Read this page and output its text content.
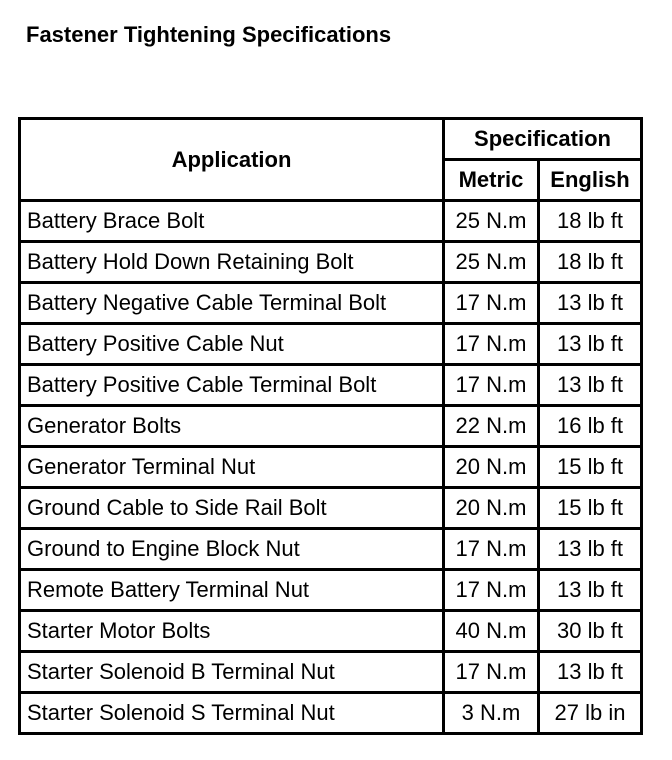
Fastener Tightening Specifications
Application	Specification	
	Metric	English
Battery Brace Bolt	25 N.m	18 lb ft
Battery Hold Down Retaining Bolt	25 N.m	18 lb ft
Battery Negative Cable Terminal Bolt	17 N.m	13 lb ft
Battery Positive Cable Nut	17 N.m	13 lb ft
Battery Positive Cable Terminal Bolt	17 N.m	13 lb ft
Generator Bolts	22 N.m	16 lb ft
Generator Terminal Nut	20 N.m	15 lb ft
Ground Cable to Side Rail Bolt	20 N.m	15 lb ft
Ground to Engine Block Nut	17 N.m	13 lb ft
Remote Battery Terminal Nut	17 N.m	13 lb ft
Starter Motor Bolts	40 N.m	30 lb ft
Starter Solenoid B Terminal Nut	17 N.m	13 lb ft
Starter Solenoid S Terminal Nut	3 N.m	27 lb in
